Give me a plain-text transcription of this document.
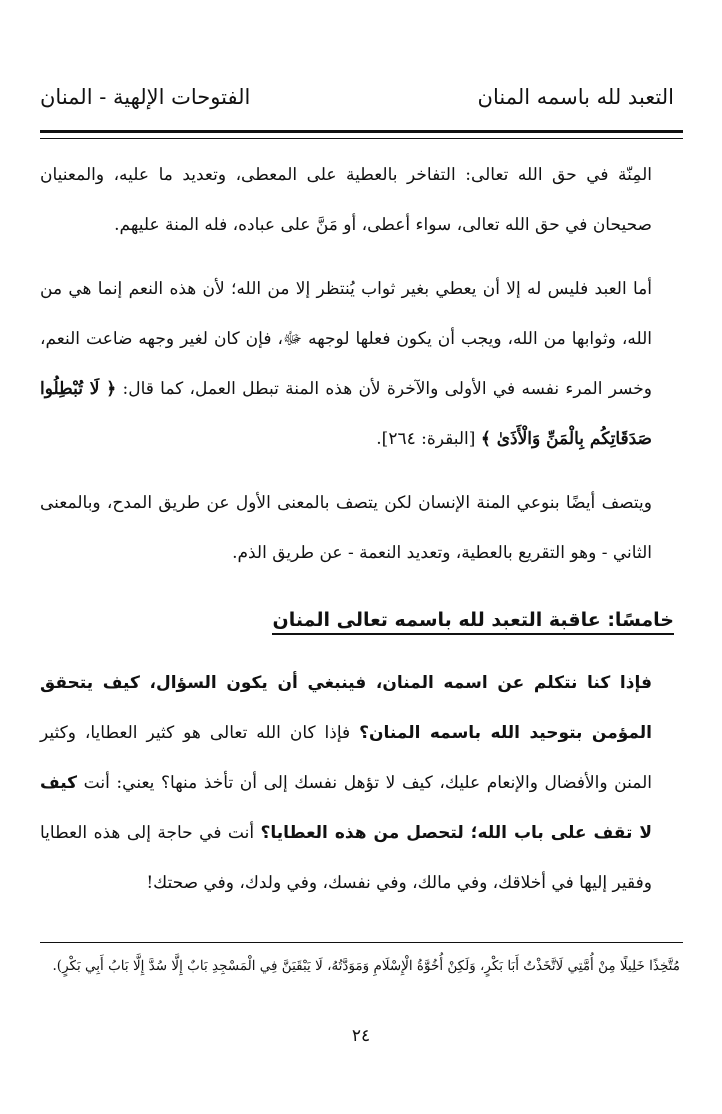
التعبد لله باسمه المنان
الفتوحات الإلهية - المنان

المِنّة في حق الله تعالى: التفاخر بالعطية على المعطى، وتعديد ما عليه، والمعنيان صحيحان في حق الله تعالى، سواء أعطى، أو مَنَّ على عباده، فله المنة عليهم.

أما العبد فليس له إلا أن يعطي بغير ثواب يُنتظر إلا من الله؛ لأن هذه النعم إنما هي من الله، وثوابها من الله، ويجب أن يكون فعلها لوجهه ﷻ، فإن كان لغير وجهه ضاعت النعم، وخسر المرء نفسه في الأولى والآخرة لأن هذه المنة تبطل العمل، كما قال: ﴿ لَا تُبْطِلُوا صَدَقَاتِكُم بِالْمَنِّ وَالْأَذَىٰ ﴾ [البقرة: ٢٦٤].

ويتصف أيضًا بنوعي المنة الإنسان لكن يتصف بالمعنى الأول عن طريق المدح، وبالمعنى الثاني - وهو التقريع بالعطية، وتعديد النعمة - عن طريق الذم.

خامسًا: عاقبة التعبد لله باسمه تعالى المنان

فإذا كنا نتكلم عن اسمه المنان، فينبغي أن يكون السؤال، كيف يتحقق المؤمن بتوحيد الله باسمه المنان؟ فإذا كان الله تعالى هو كثير العطايا، وكثير المنن والأفضال والإنعام عليك، كيف لا تؤهل نفسك إلى أن تأخذ منها؟ يعني: أنت كيف لا تقف على باب الله؛ لتحصل من هذه العطايا؟ أنت في حاجة إلى هذه العطايا وفقير إليها في أخلاقك، وفي مالك، وفي نفسك، وفي ولدك، وفي صحتك!

مُتَّخِذًا خَلِيلًا مِنْ أُمَّتِي لَاتَّخَذْتُ أَبَا بَكْرٍ، وَلَكِنْ أُخُوَّةُ الْإِسْلَامِ وَمَوَدَّتُهُ، لَا يَبْقَيَنَّ فِي الْمَسْجِدِ بَابٌ إِلَّا سُدَّ إِلَّا بَابُ أَبِي بَكْرٍ).

٢٤
